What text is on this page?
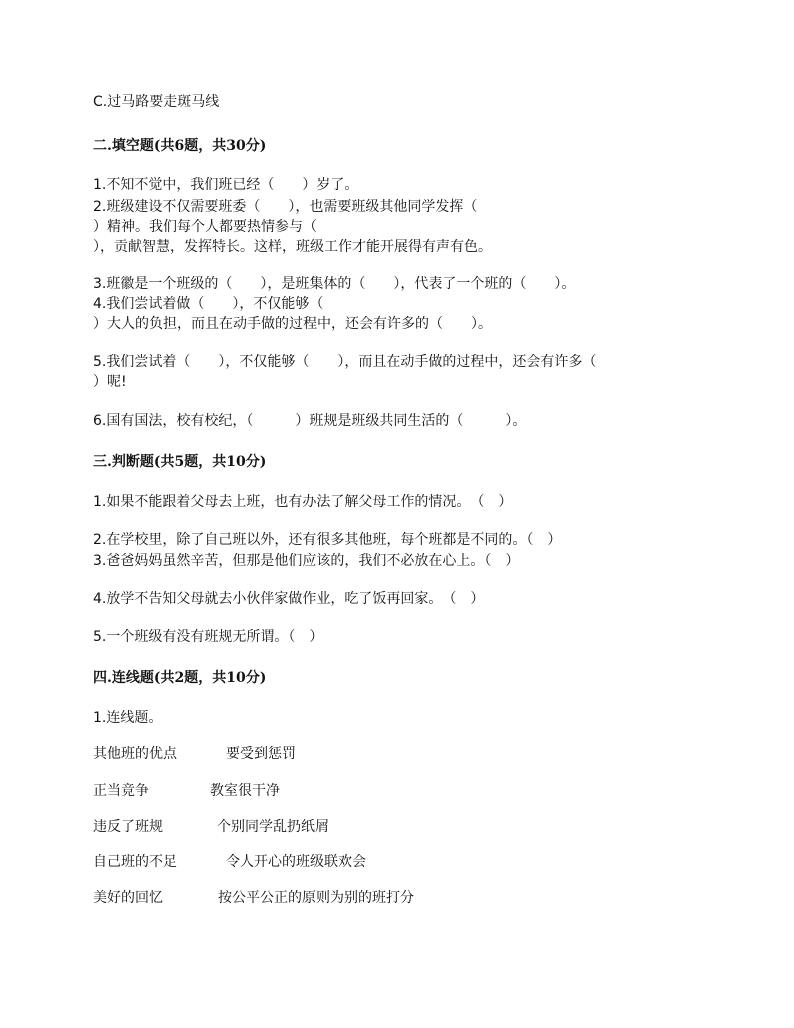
C.过马路要走斑马线
二.填空题(共6题，共30分)
1.不知不觉中，我们班已经（　　）岁了。
2.班级建设不仅需要班委（　　），也需要班级其他同学发挥（
）精神。我们每个人都要热情参与（
），贡献智慧，发挥特长。这样，班级工作才能开展得有声有色。
3.班徽是一个班级的（　　），是班集体的（　　），代表了一个班的（　　）。
4.我们尝试着做（　　），不仅能够（
）大人的负担，而且在动手做的过程中，还会有许多的（　　）。
5.我们尝试着（　　），不仅能够（　　），而且在动手做的过程中，还会有许多（
）呢!
6.国有国法，校有校纪，（　　　）班规是班级共同生活的（　　　）。
三.判断题(共5题，共10分)
1.如果不能跟着父母去上班，也有办法了解父母工作的情况。　（　）
2.在学校里，除了自己班以外，还有很多其他班，每个班都是不同的。（　）
3.爸爸妈妈虽然辛苦，但那是他们应该的，我们不必放在心上。（　）
4.放学不告知父母就去小伙伴家做作业，吃了饭再回家。　（　）
5.一个班级有没有班规无所谓。（　）
四.连线题(共2题，共10分)
1.连线题。
其他班的优点	要受到惩罚
正当竞争	教室很干净
违反了班规	个别同学乱扔纸屑
自己班的不足	令人开心的班级联欢会
美好的回忆	按公平公正的原则为别的班打分
